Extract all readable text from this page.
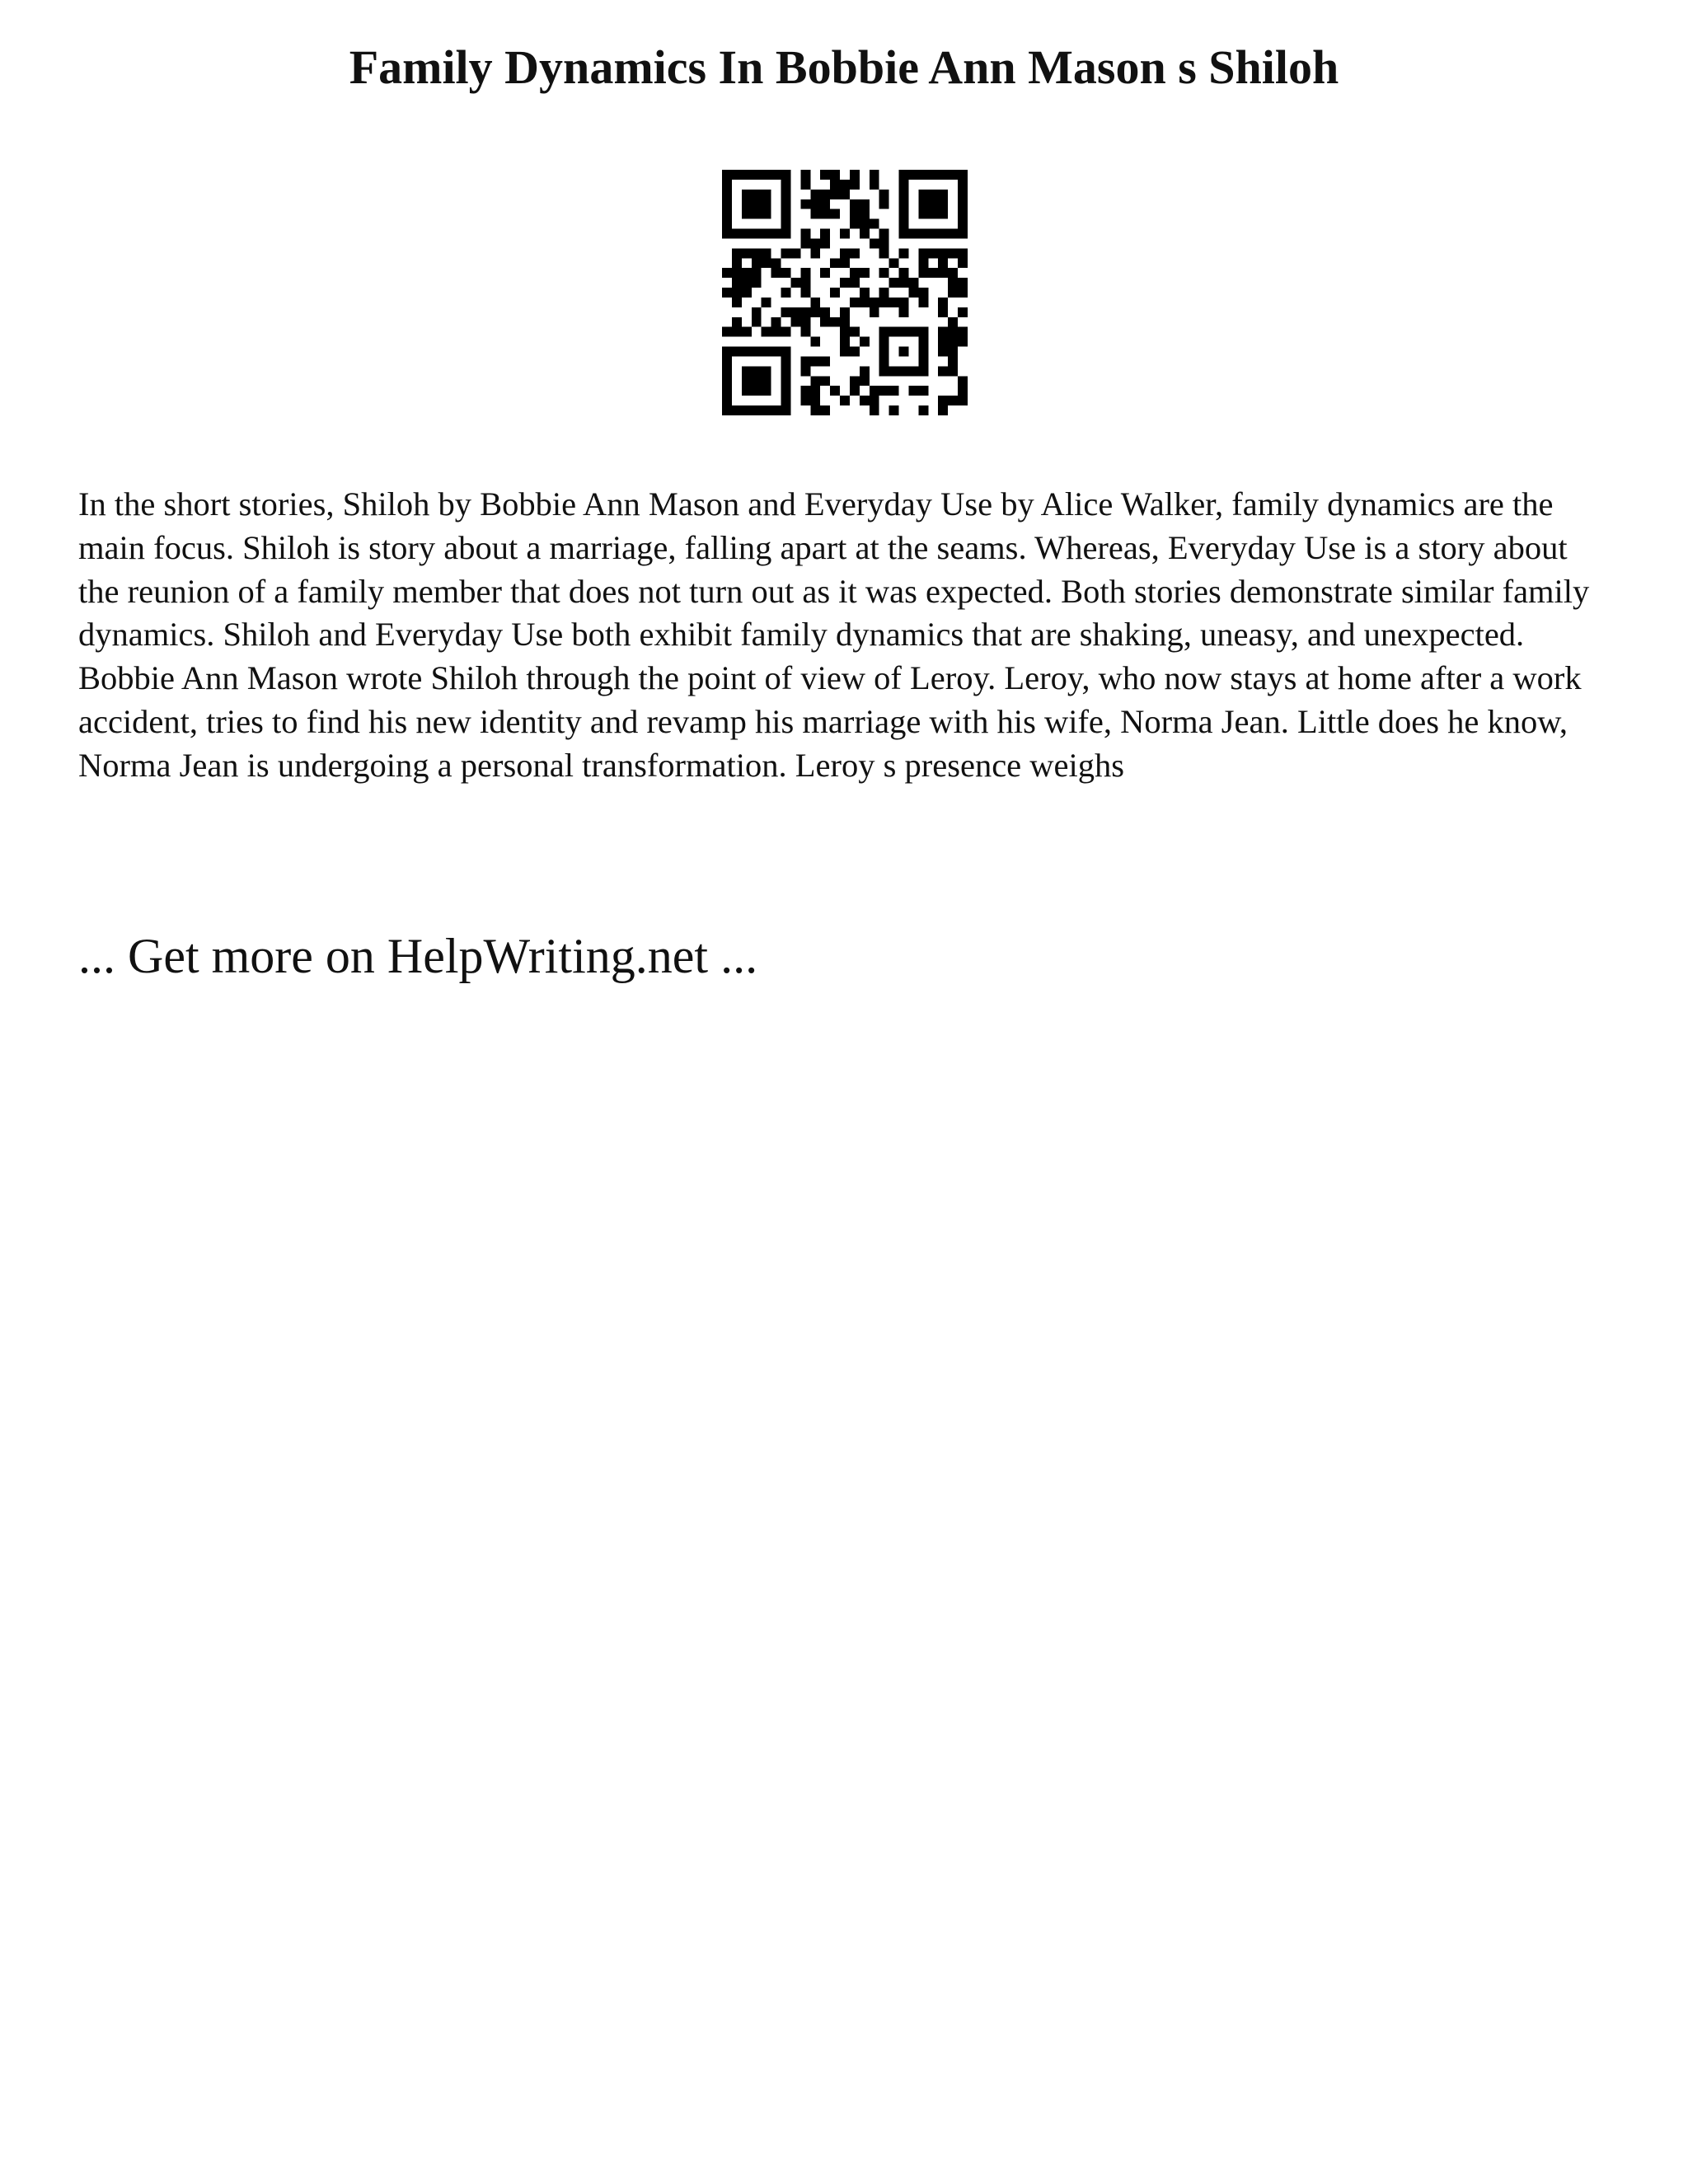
Family Dynamics In Bobbie Ann Mason s Shiloh

In the short stories, Shiloh by Bobbie Ann Mason and Everyday Use by Alice Walker, family dynamics are the main focus. Shiloh is story about a marriage, falling apart at the seams. Whereas, Everyday Use is a story about the reunion of a family member that does not turn out as it was expected. Both stories demonstrate similar family dynamics. Shiloh and Everyday Use both exhibit family dynamics that are shaking, uneasy, and unexpected.

Bobbie Ann Mason wrote Shiloh through the point of view of Leroy. Leroy, who now stays at home after a work accident, tries to find his new identity and revamp his marriage with his wife, Norma Jean. Little does he know, Norma Jean is undergoing a personal transformation. Leroy s presence weighs

... Get more on HelpWriting.net ...
